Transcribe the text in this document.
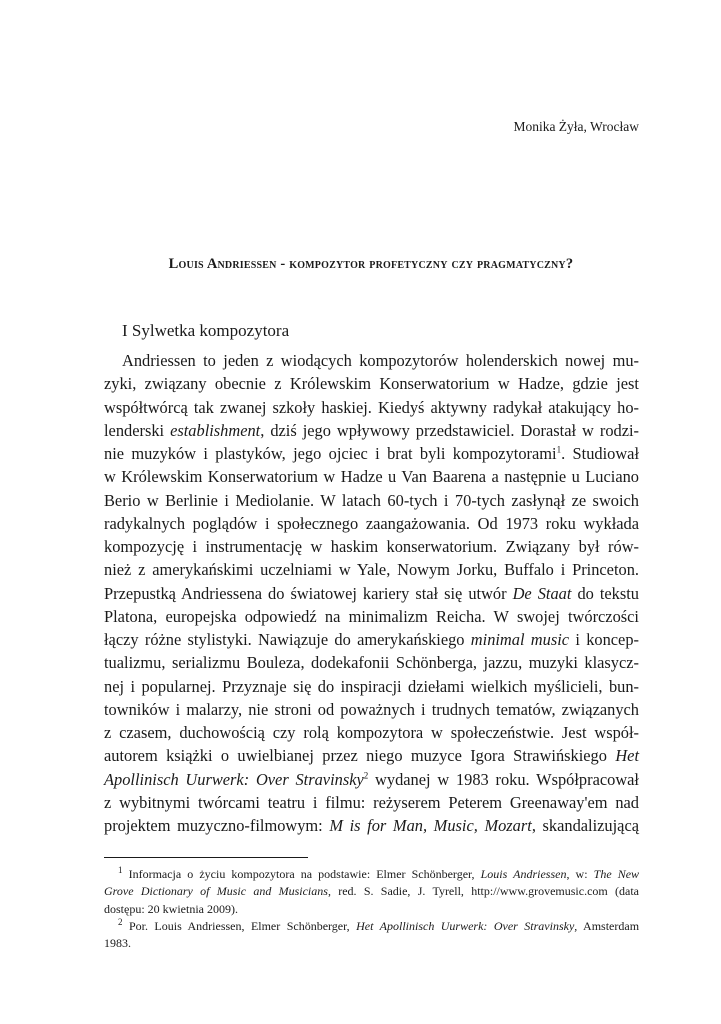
Monika Żyła, Wrocław
Louis Andriessen - kompozytor profetyczny czy pragmatyczny?
I Sylwetka kompozytora
Andriessen to jeden z wiodących kompozytorów holenderskich nowej mu-
zyki, związany obecnie z Królewskim Konserwatorium w Hadze, gdzie jest
współtwórcą tak zwanej szkoły haskiej. Kiedyś aktywny radykał atakujący ho-
lenderski establishment, dziś jego wpływowy przedstawiciel. Dorastał w rodzi-
nie muzyków i plastyków, jego ojciec i brat byli kompozytorami$^1$. Studiował
w Królewskim Konserwatorium w Hadze u Van Baarena a następnie u Luciano
Berio w Berlinie i Mediolanie. W latach 60-tych i 70-tych zasłynął ze swoich
radykalnych poglądów i społecznego zaangażowania. Od 1973 roku wykłada
kompozycję i instrumentację w haskim konserwatorium. Związany był rów-
nież z amerykańskimi uczelniami w Yale, Nowym Jorku, Buffalo i Princeton.
Przepustką Andriessena do światowej kariery stał się utwór De Staat do tekstu
Platona, europejska odpowiedź na minimalizm Reicha. W swojej twórczości
łączy różne stylistyki. Nawiązuje do amerykańskiego minimal music i koncep-
tualizmu, serializmu Bouleza, dodekafonii Schönberga, jazzu, muzyki klasycz-
nej i popularnej. Przyznaje się do inspiracji dziełami wielkich myślicieli, bun-
towników i malarzy, nie stroni od poważnych i trudnych tematów, związanych
z czasem, duchowością czy rolą kompozytora w społeczeństwie. Jest współ-
autorem książki o uwielbianej przez niego muzyce Igora Strawińskiego Het
Apollinisch Uurwerk: Over Stravinsky$^2$ wydanej w 1983 roku. Współpracował
z wybitnymi twórcami teatru i filmu: reżyserem Peterem Greenaway'em nad
projektem muzyczno-filmowym: M is for Man, Music, Mozart, skandalizującą
$^1$ Informacja o życiu kompozytora na podstawie: Elmer Schönberger, Louis Andriessen, w: The New
Grove Dictionary of Music and Musicians, red. S. Sadie, J. Tyrell, http://www.grovemusic.com (data
dostępu: 20 kwietnia 2009).
$^2$ Por. Louis Andriessen, Elmer Schönberger, Het Apollinisch Uurwerk: Over Stravinsky, Amsterdam
1983.
